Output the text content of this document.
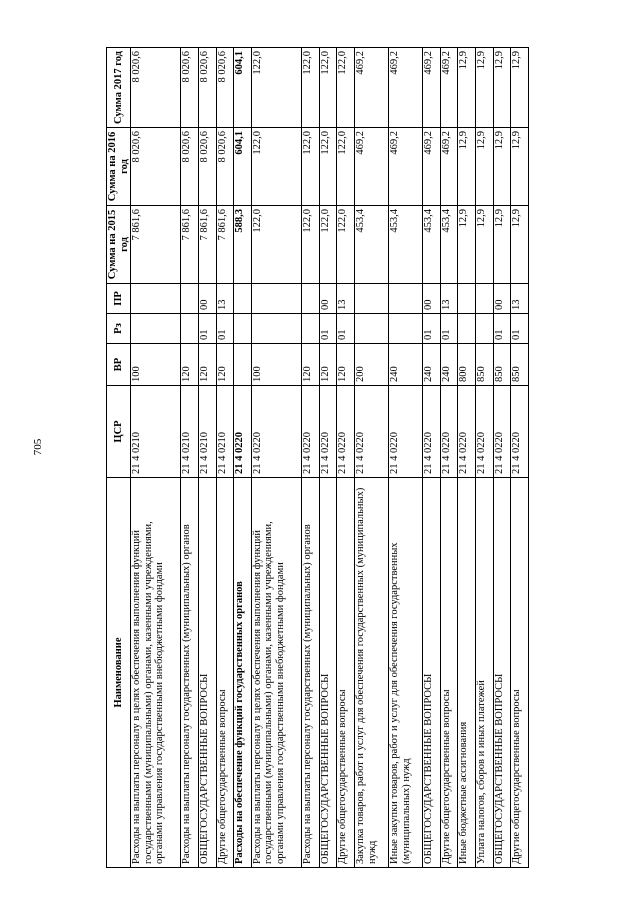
705
Наименование	ЦСР	ВР	Рз	ПР	Сумма на 2015 год	Сумма на 2016 год	Сумма 2017 год
Расходы на выплаты персоналу в целях обеспечения выполнения функций государственными (муниципальными) органами, казенными учреждениями, органами управления государственными внебюджетными фондами	21 4 0210	100			7 861,6	8 020,6	8 020,6
Расходы на выплаты персоналу государственных (муниципальных) органов	21 4 0210	120			7 861,6	8 020,6	8 020,6
ОБЩЕГОСУДАРСТВЕННЫЕ ВОПРОСЫ	21 4 0210	120	01	00	7 861,6	8 020,6	8 020,6
Другие общегосударственные вопросы	21 4 0210	120	01	13	7 861,6	8 020,6	8 020,6
Расходы на обеспечение функций государственных органов	21 4 0220				588,3	604,1	604,1
Расходы на выплаты персоналу в целях обеспечения выполнения функций государственными (муниципальными) органами, казенными учреждениями, органами управления государственными внебюджетными фондами	21 4 0220	100			122,0	122,0	122,0
Расходы на выплаты персоналу государственных (муниципальных) органов	21 4 0220	120			122,0	122,0	122,0
ОБЩЕГОСУДАРСТВЕННЫЕ ВОПРОСЫ	21 4 0220	120	01	00	122,0	122,0	122,0
Другие общегосударственные вопросы	21 4 0220	120	01	13	122,0	122,0	122,0
Закупка товаров, работ и услуг для обеспечения государственных (муниципальных) нужд	21 4 0220	200			453,4	469,2	469,2
Иные закупки товаров, работ и услуг для обеспечения государственных (муниципальных) нужд	21 4 0220	240			453,4	469,2	469,2
ОБЩЕГОСУДАРСТВЕННЫЕ ВОПРОСЫ	21 4 0220	240	01	00	453,4	469,2	469,2
Другие общегосударственные вопросы	21 4 0220	240	01	13	453,4	469,2	469,2
Иные бюджетные ассигнования	21 4 0220	800			12,9	12,9	12,9
Уплата налогов, сборов и иных платежей	21 4 0220	850			12,9	12,9	12,9
ОБЩЕГОСУДАРСТВЕННЫЕ ВОПРОСЫ	21 4 0220	850	01	00	12,9	12,9	12,9
Другие общегосударственные вопросы	21 4 0220	850	01	13	12,9	12,9	12,9
